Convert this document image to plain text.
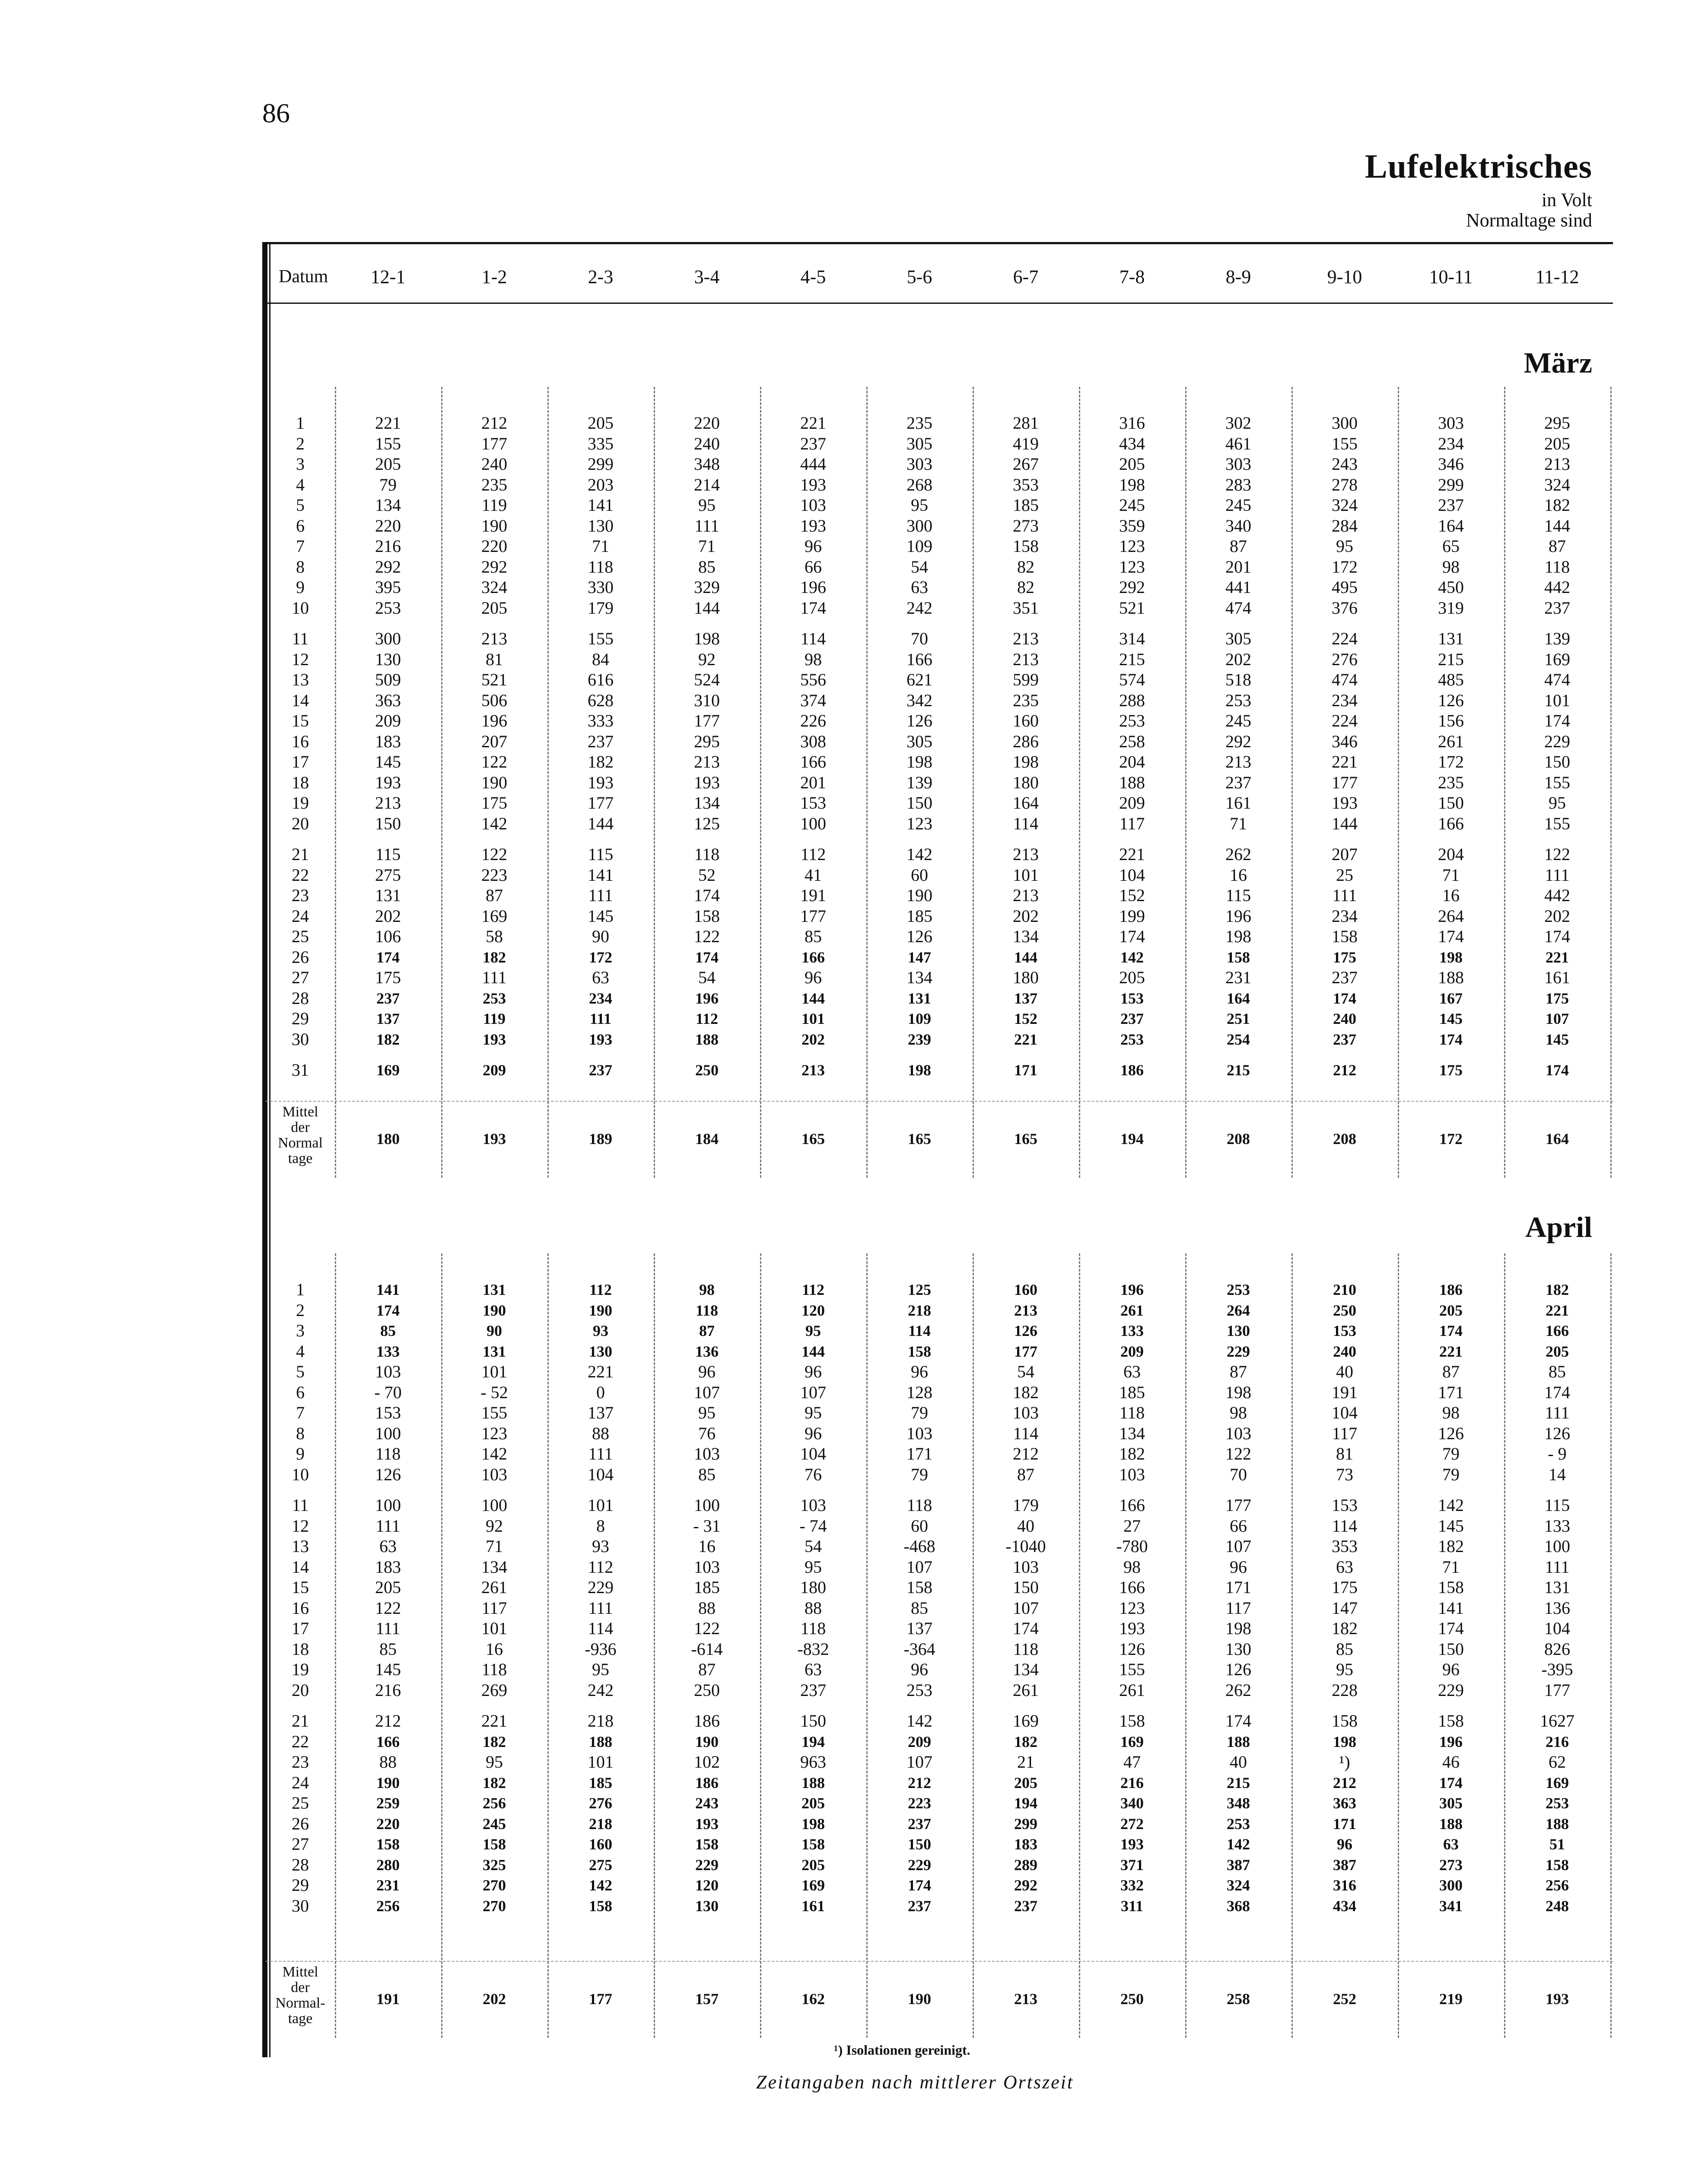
86
Lufelektrisches
in Volt
Normaltage sind
Datum	12-1	1-2	2-3	3-4	4-5	5-6	6-7	7-8	8-9	9-10	10-11	11-12
März
1	221	212	205	220	221	235	281	316	302	300	303	295
2	155	177	335	240	237	305	419	434	461	155	234	205
3	205	240	299	348	444	303	267	205	303	243	346	213
4	79	235	203	214	193	268	353	198	283	278	299	324
5	134	119	141	95	103	95	185	245	245	324	237	182
6	220	190	130	111	193	300	273	359	340	284	164	144
7	216	220	71	71	96	109	158	123	87	95	65	87
8	292	292	118	85	66	54	82	123	201	172	98	118
9	395	324	330	329	196	63	82	292	441	495	450	442
10	253	205	179	144	174	242	351	521	474	376	319	237
11	300	213	155	198	114	70	213	314	305	224	131	139
12	130	81	84	92	98	166	213	215	202	276	215	169
13	509	521	616	524	556	621	599	574	518	474	485	474
14	363	506	628	310	374	342	235	288	253	234	126	101
15	209	196	333	177	226	126	160	253	245	224	156	174
16	183	207	237	295	308	305	286	258	292	346	261	229
17	145	122	182	213	166	198	198	204	213	221	172	150
18	193	190	193	193	201	139	180	188	237	177	235	155
19	213	175	177	134	153	150	164	209	161	193	150	95
20	150	142	144	125	100	123	114	117	71	144	166	155
21	115	122	115	118	112	142	213	221	262	207	204	122
22	275	223	141	52	41	60	101	104	16	25	71	111
23	131	87	111	174	191	190	213	152	115	111	16	442
24	202	169	145	158	177	185	202	199	196	234	264	202
25	106	58	90	122	85	126	134	174	198	158	174	174
26	174	182	172	174	166	147	144	142	158	175	198	221
27	175	111	63	54	96	134	180	205	231	237	188	161
28	237	253	234	196	144	131	137	153	164	174	167	175
29	137	119	111	112	101	109	152	237	251	240	145	107
30	182	193	193	188	202	239	221	253	254	237	174	145
31	169	209	237	250	213	198	171	186	215	212	175	174
Mittel
der
Normal
tage
180	193	189	184	165	165	165	194	208	208	172	164
April
1	141	131	112	98	112	125	160	196	253	210	186	182
2	174	190	190	118	120	218	213	261	264	250	205	221
3	85	90	93	87	95	114	126	133	130	153	174	166
4	133	131	130	136	144	158	177	209	229	240	221	205
5	103	101	221	96	96	96	54	63	87	40	87	85
6	- 70	- 52	0	107	107	128	182	185	198	191	171	174
7	153	155	137	95	95	79	103	118	98	104	98	111
8	100	123	88	76	96	103	114	134	103	117	126	126
9	118	142	111	103	104	171	212	182	122	81	79	- 9
10	126	103	104	85	76	79	87	103	70	73	79	14
11	100	100	101	100	103	118	179	166	177	153	142	115
12	111	92	8	- 31	- 74	60	40	27	66	114	145	133
13	63	71	93	16	54	-468	-1040	-780	107	353	182	100
14	183	134	112	103	95	107	103	98	96	63	71	111
15	205	261	229	185	180	158	150	166	171	175	158	131
16	122	117	111	88	88	85	107	123	117	147	141	136
17	111	101	114	122	118	137	174	193	198	182	174	104
18	85	16	-936	-614	-832	-364	118	126	130	85	150	826
19	145	118	95	87	63	96	134	155	126	95	96	-395
20	216	269	242	250	237	253	261	261	262	228	229	177
21	212	221	218	186	150	142	169	158	174	158	158	1627
22	166	182	188	190	194	209	182	169	188	198	196	216
23	88	95	101	102	963	107	21	47	40	¹)	46	62
24	190	182	185	186	188	212	205	216	215	212	174	169
25	259	256	276	243	205	223	194	340	348	363	305	253
26	220	245	218	193	198	237	299	272	253	171	188	188
27	158	158	160	158	158	150	183	193	142	96	63	51
28	280	325	275	229	205	229	289	371	387	387	273	158
29	231	270	142	120	169	174	292	332	324	316	300	256
30	256	270	158	130	161	237	237	311	368	434	341	248
Mittel
der
Normal-
tage
191	202	177	157	162	190	213	250	258	252	219	193
¹) Isolationen gereinigt.
Zeitangaben nach mittlerer Ortszeit
